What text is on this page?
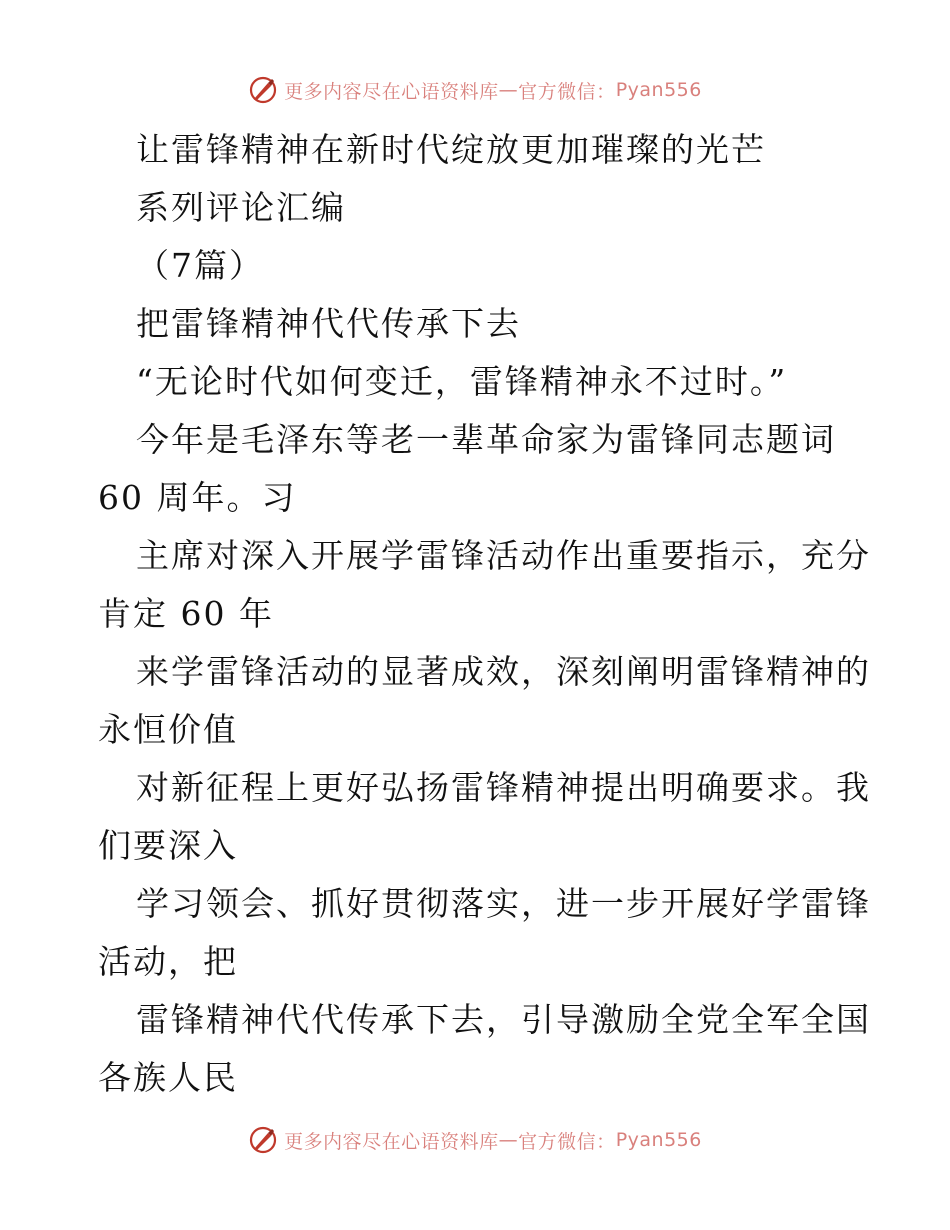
更多内容尽在心语资料库 — 官方微信： Pyan556
让雷锋精神在新时代绽放更加璀璨的光芒
系列评论汇编
（7篇）
把雷锋精神代代传承下去
“无论时代如何变迁，雷锋精神永不过时。”
今年是毛泽东等老一辈革命家为雷锋同志题词
60 周年。习
主席对深入开展学雷锋活动作出重要指示，充分
肯定 60 年
来学雷锋活动的显著成效，深刻阐明雷锋精神的
永恒价值
对新征程上更好弘扬雷锋精神提出明确要求。我
们要深入
学习领会、抓好贯彻落实，进一步开展好学雷锋
活动，把
雷锋精神代代传承下去，引导激励全党全军全国
各族人民
更多内容尽在心语资料库 — 官方微信： Pyan556
